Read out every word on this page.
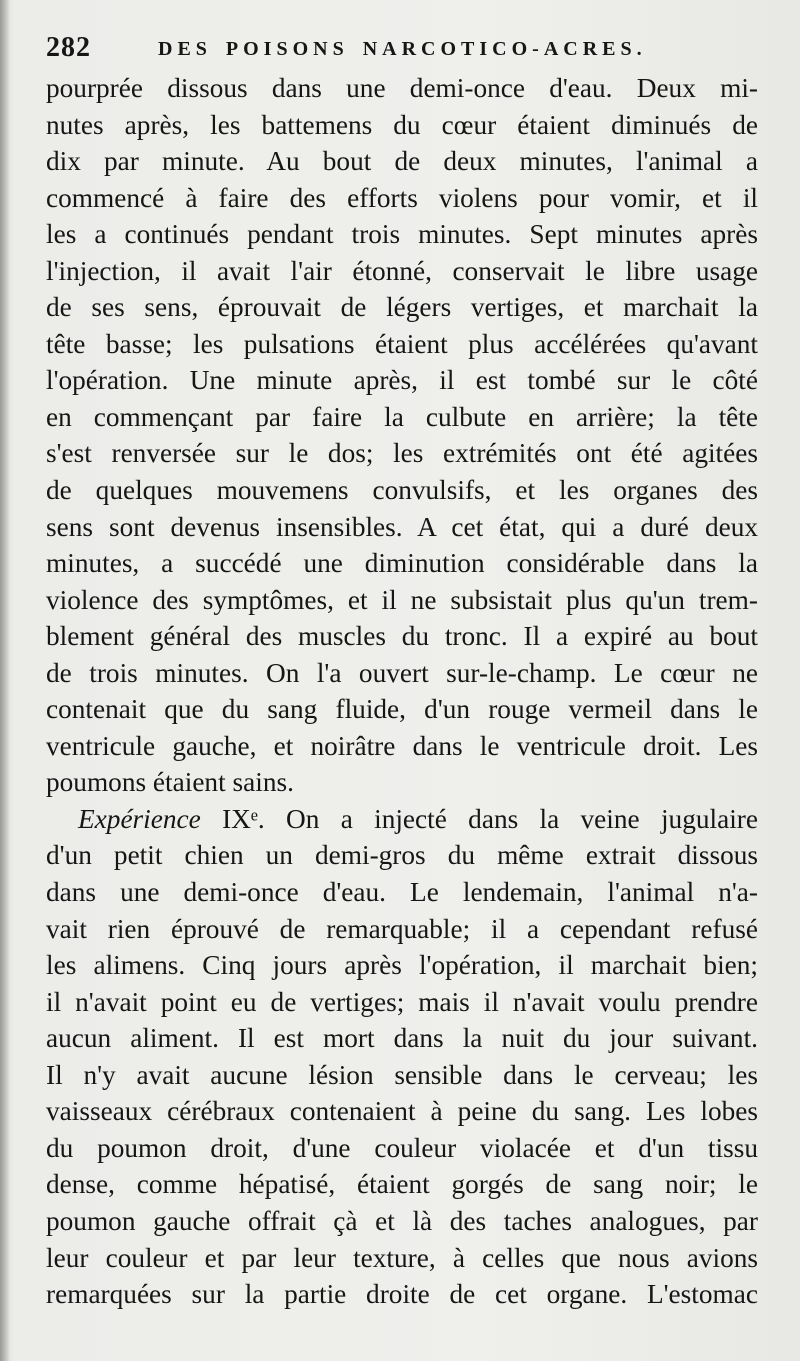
282	DES POISONS NARCOTICO-ACRES.
pourprée dissous dans une demi-once d'eau. Deux mi-
nutes après, les battemens du cœur étaient diminués de
dix par minute. Au bout de deux minutes, l'animal a
commencé à faire des efforts violens pour vomir, et il
les a continués pendant trois minutes. Sept minutes après
l'injection, il avait l'air étonné, conservait le libre usage
de ses sens, éprouvait de légers vertiges, et marchait la
tête basse; les pulsations étaient plus accélérées qu'avant
l'opération. Une minute après, il est tombé sur le côté
en commençant par faire la culbute en arrière; la tête
s'est renversée sur le dos; les extrémités ont été agitées
de quelques mouvemens convulsifs, et les organes des
sens sont devenus insensibles. A cet état, qui a duré deux
minutes, a succédé une diminution considérable dans la
violence des symptômes, et il ne subsistait plus qu'un trem-
blement général des muscles du tronc. Il a expiré au bout
de trois minutes. On l'a ouvert sur-le-champ. Le cœur ne
contenait que du sang fluide, d'un rouge vermeil dans le
ventricule gauche, et noirâtre dans le ventricule droit. Les
poumons étaient sains.
Expérience IXᵉ. On a injecté dans la veine jugulaire
d'un petit chien un demi-gros du même extrait dissous
dans une demi-once d'eau. Le lendemain, l'animal n'a-
vait rien éprouvé de remarquable; il a cependant refusé
les alimens. Cinq jours après l'opération, il marchait bien;
il n'avait point eu de vertiges; mais il n'avait voulu prendre
aucun aliment. Il est mort dans la nuit du jour suivant.
Il n'y avait aucune lésion sensible dans le cerveau; les
vaisseaux cérébraux contenaient à peine du sang. Les lobes
du poumon droit, d'une couleur violacée et d'un tissu
dense, comme hépatisé, étaient gorgés de sang noir; le
poumon gauche offrait çà et là des taches analogues, par
leur couleur et par leur texture, à celles que nous avions
remarquées sur la partie droite de cet organe. L'estomac
